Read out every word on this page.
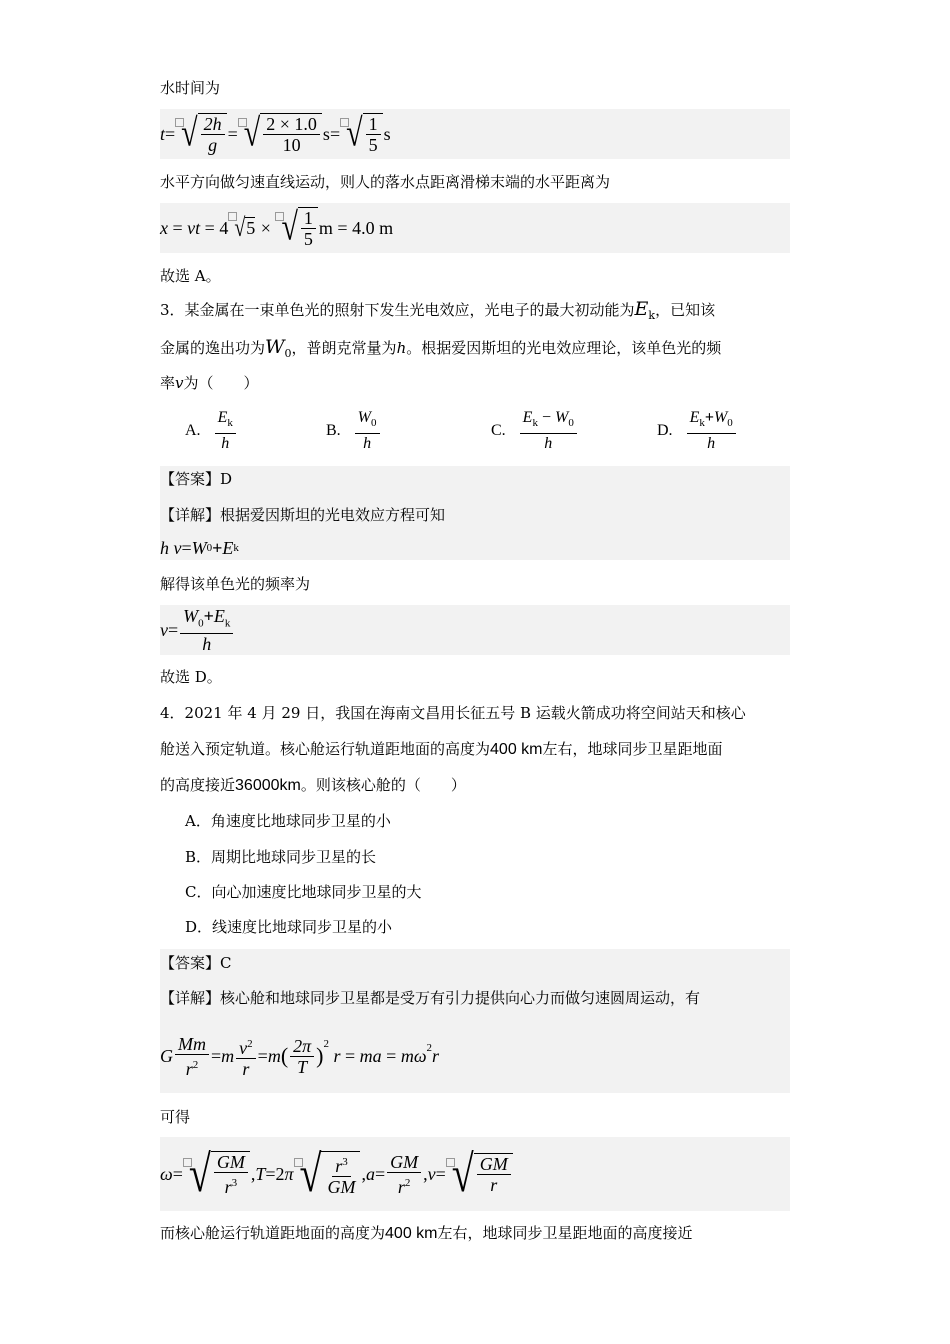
水时间为
t = √ $\frac{2h}{g}$ = √ $\frac{2 \times 1.0}{10}$ s = √ $\frac{1}{5}$ s
水平方向做匀速直线运动，则人的落水点距离滑梯末端的水平距离为
x = vt = 4 √ 5 × √ $\frac{1}{5}$ m = 4.0 m
故选 A。
3．某金属在一束单色光的照射下发生光电效应，光电子的最大初动能为$E_k$，已知该
金属的逸出功为$W_0$，普朗克常量为h。根据爱因斯坦的光电效应理论，该单色光的频
率v为（　　）
A. $\frac{E_k}{h}$	B. $\frac{W_0}{h}$	C. $\frac{E_k - W_0}{h}$	D. $\frac{E_k+W_0}{h}$
【答案】D
【详解】根据爱因斯坦的光电效应方程可知
h v = W 0 + E k
解得该单色光的频率为
$v = \frac{W_0+E_k}{h}$
故选 D。
4．2021 年 4 月 29 日，我国在海南文昌用长征五号 B 运载火箭成功将空间站天和核心
舱送入预定轨道。核心舱运行轨道距地面的高度为400 km左右，地球同步卫星距地面
的高度接近36000km。则该核心舱的（　　）
A．角速度比地球同步卫星的小
B．周期比地球同步卫星的长
C．向心加速度比地球同步卫星的大
D．线速度比地球同步卫星的小
【答案】C
【详解】核心舱和地球同步卫星都是受万有引力提供向心力而做匀速圆周运动，有
G $\frac{Mm}{r^2} = m \frac{v^2}{r} = m$ ( $\frac{2\pi}{T} )^2$
r = ma = $m\omega^2$ r
可得
ω = √ $\frac{GM}{r^3}$ , T =2 π √ $\frac{r^3}{GM}$ , $a = \frac{GM}{r^2}$ , v = √ $\frac{GM}{r}$
而核心舱运行轨道距地面的高度为400 km左右，地球同步卫星距地面的高度接近
